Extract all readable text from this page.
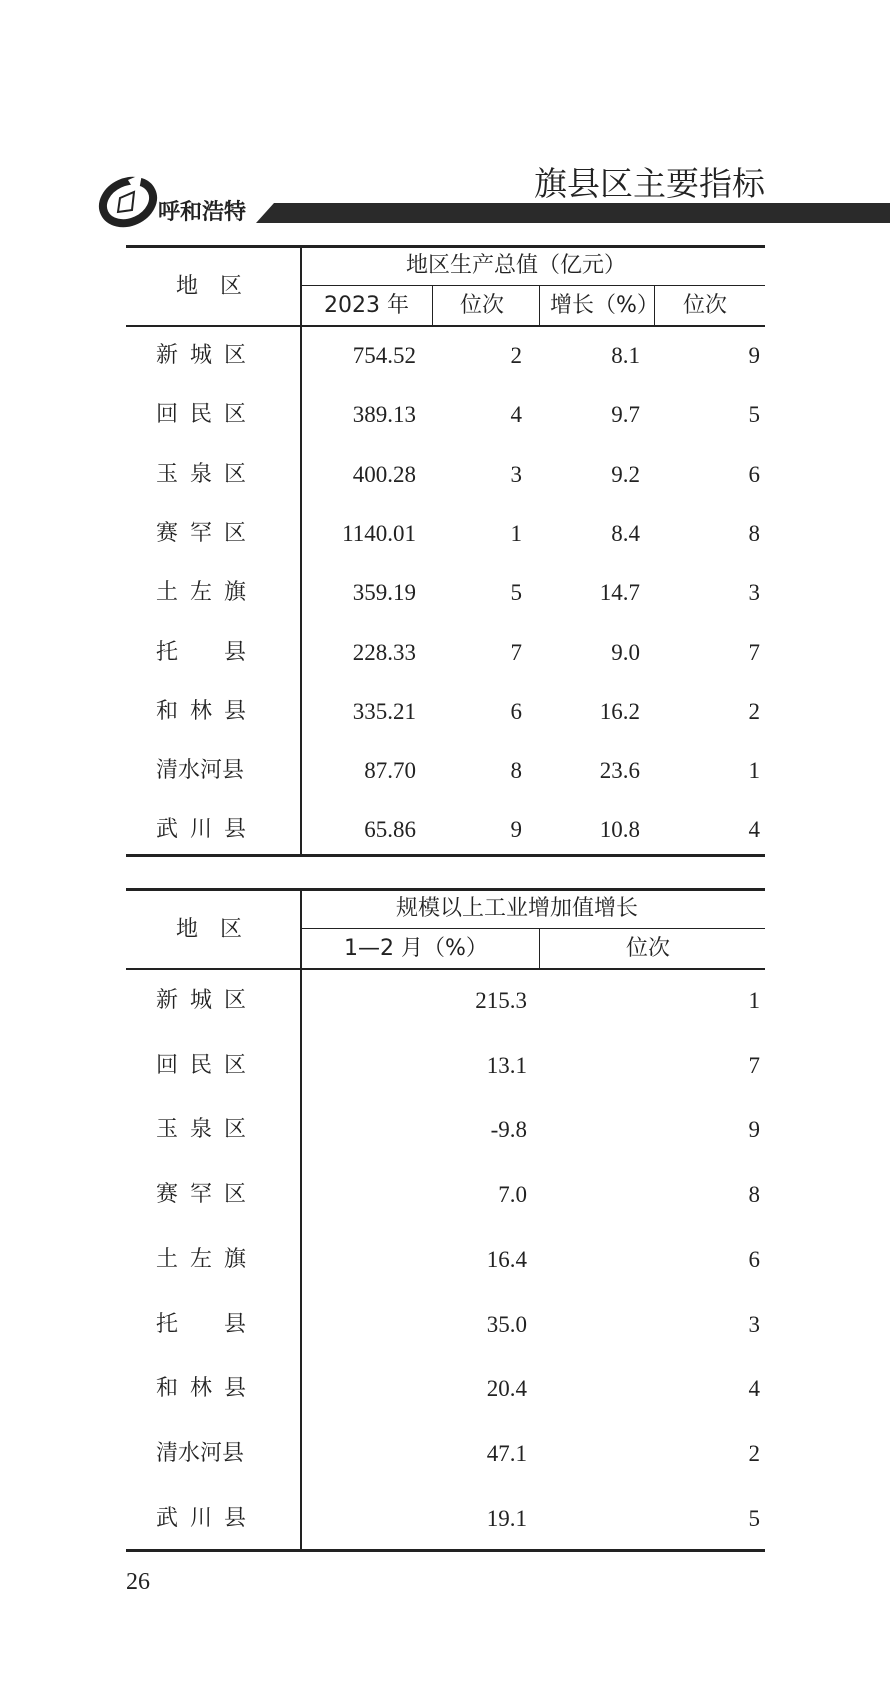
呼和浩特
旗县区主要指标
地　区
地区生产总值（亿元）
2023 年 位次 增长（%） 位次
新城区	754.52	2	8.1	9
回民区	389.13	4	9.7	5
玉泉区	400.28	3	9.2	6
赛罕区	1140.01	1	8.4	8
土左旗	359.19	5	14.7	3
托　县	228.33	7	9.0	7
和林县	335.21	6	16.2	2
清水河县	87.70	8	23.6	1
武川县	65.86	9	10.8	4
地　区
规模以上工业增加值增长
1—2 月（%）	位次
新城区	215.3	1
回民区	13.1	7
玉泉区	-9.8	9
赛罕区	7.0	8
土左旗	16.4	6
托　县	35.0	3
和林县	20.4	4
清水河县	47.1	2
武川县	19.1	5
26
